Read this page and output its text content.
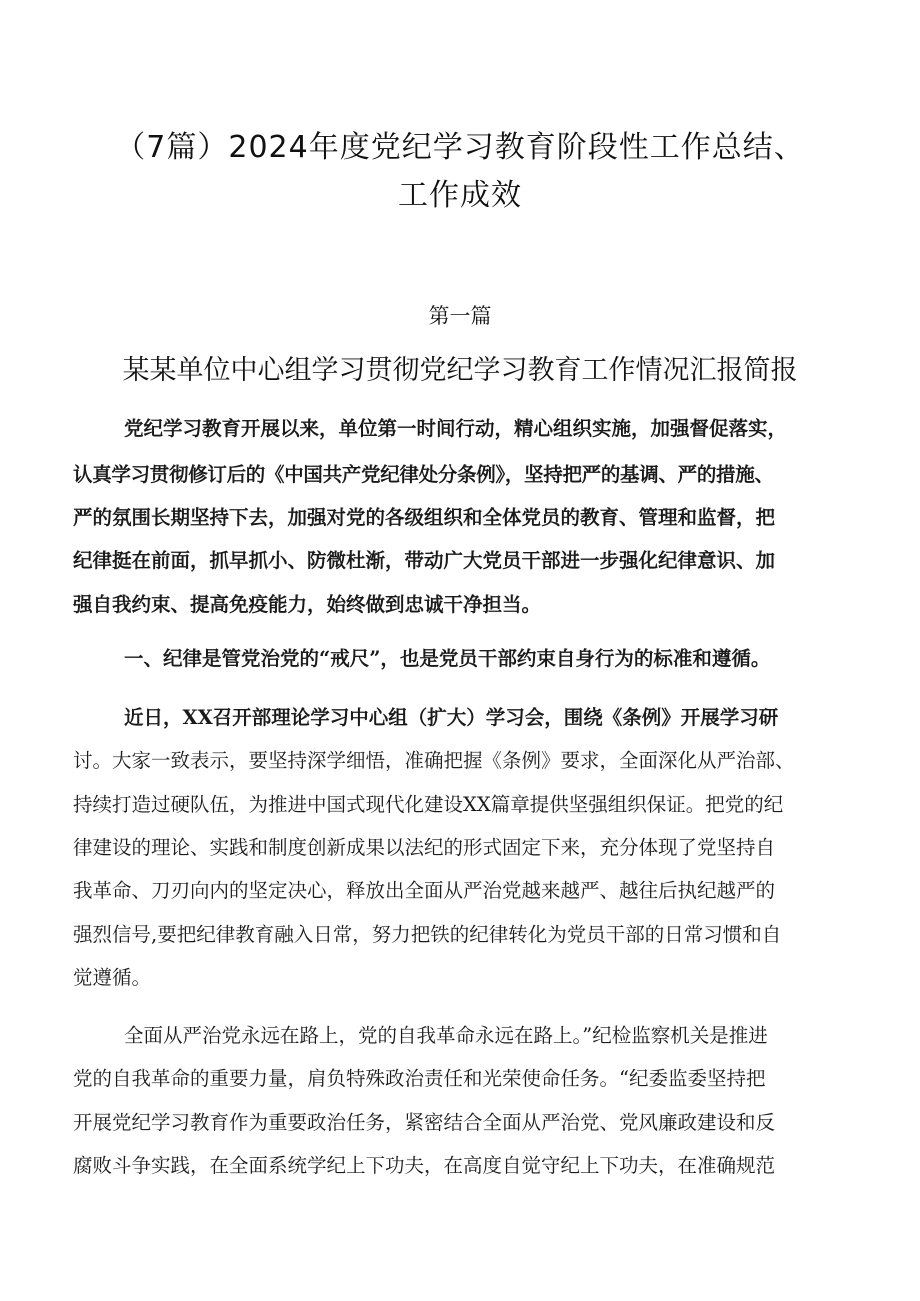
（7篇）2024年度党纪学习教育阶段性工作总结、
工作成效
第一篇
某某单位中心组学习贯彻党纪学习教育工作情况汇报简报
党纪学习教育开展以来，单位第一时间行动，精心组织实施，加强督促落实，
认真学习贯彻修订后的《中国共产党纪律处分条例》，坚持把严的基调、严的措施、
严的氛围长期坚持下去，加强对党的各级组织和全体党员的教育、管理和监督，把
纪律挺在前面，抓早抓小、防微杜渐，带动广大党员干部进一步强化纪律意识、加
强自我约束、提高免疫能力，始终做到忠诚干净担当。
一、纪律是管党治党的“戒尺”，也是党员干部约束自身行为的标准和遵循。
近日，XX召开部理论学习中心组（扩大）学习会，围绕《条例》开展学习研
讨。大家一致表示，要坚持深学细悟，准确把握《条例》要求，全面深化从严治部、
持续打造过硬队伍，为推进中国式现代化建设XX篇章提供坚强组织保证。把党的纪
律建设的理论、实践和制度创新成果以法纪的形式固定下来，充分体现了党坚持自
我革命、刀刃向内的坚定决心，释放出全面从严治党越来越严、越往后执纪越严的
强烈信号,要把纪律教育融入日常，努力把铁的纪律转化为党员干部的日常习惯和自
觉遵循。
全面从严治党永远在路上，党的自我革命永远在路上。”纪检监察机关是推进
党的自我革命的重要力量，肩负特殊政治责任和光荣使命任务。“纪委监委坚持把
开展党纪学习教育作为重要政治任务，紧密结合全面从严治党、党风廉政建设和反
腐败斗争实践，在全面系统学纪上下功夫，在高度自觉守纪上下功夫，在准确规范
